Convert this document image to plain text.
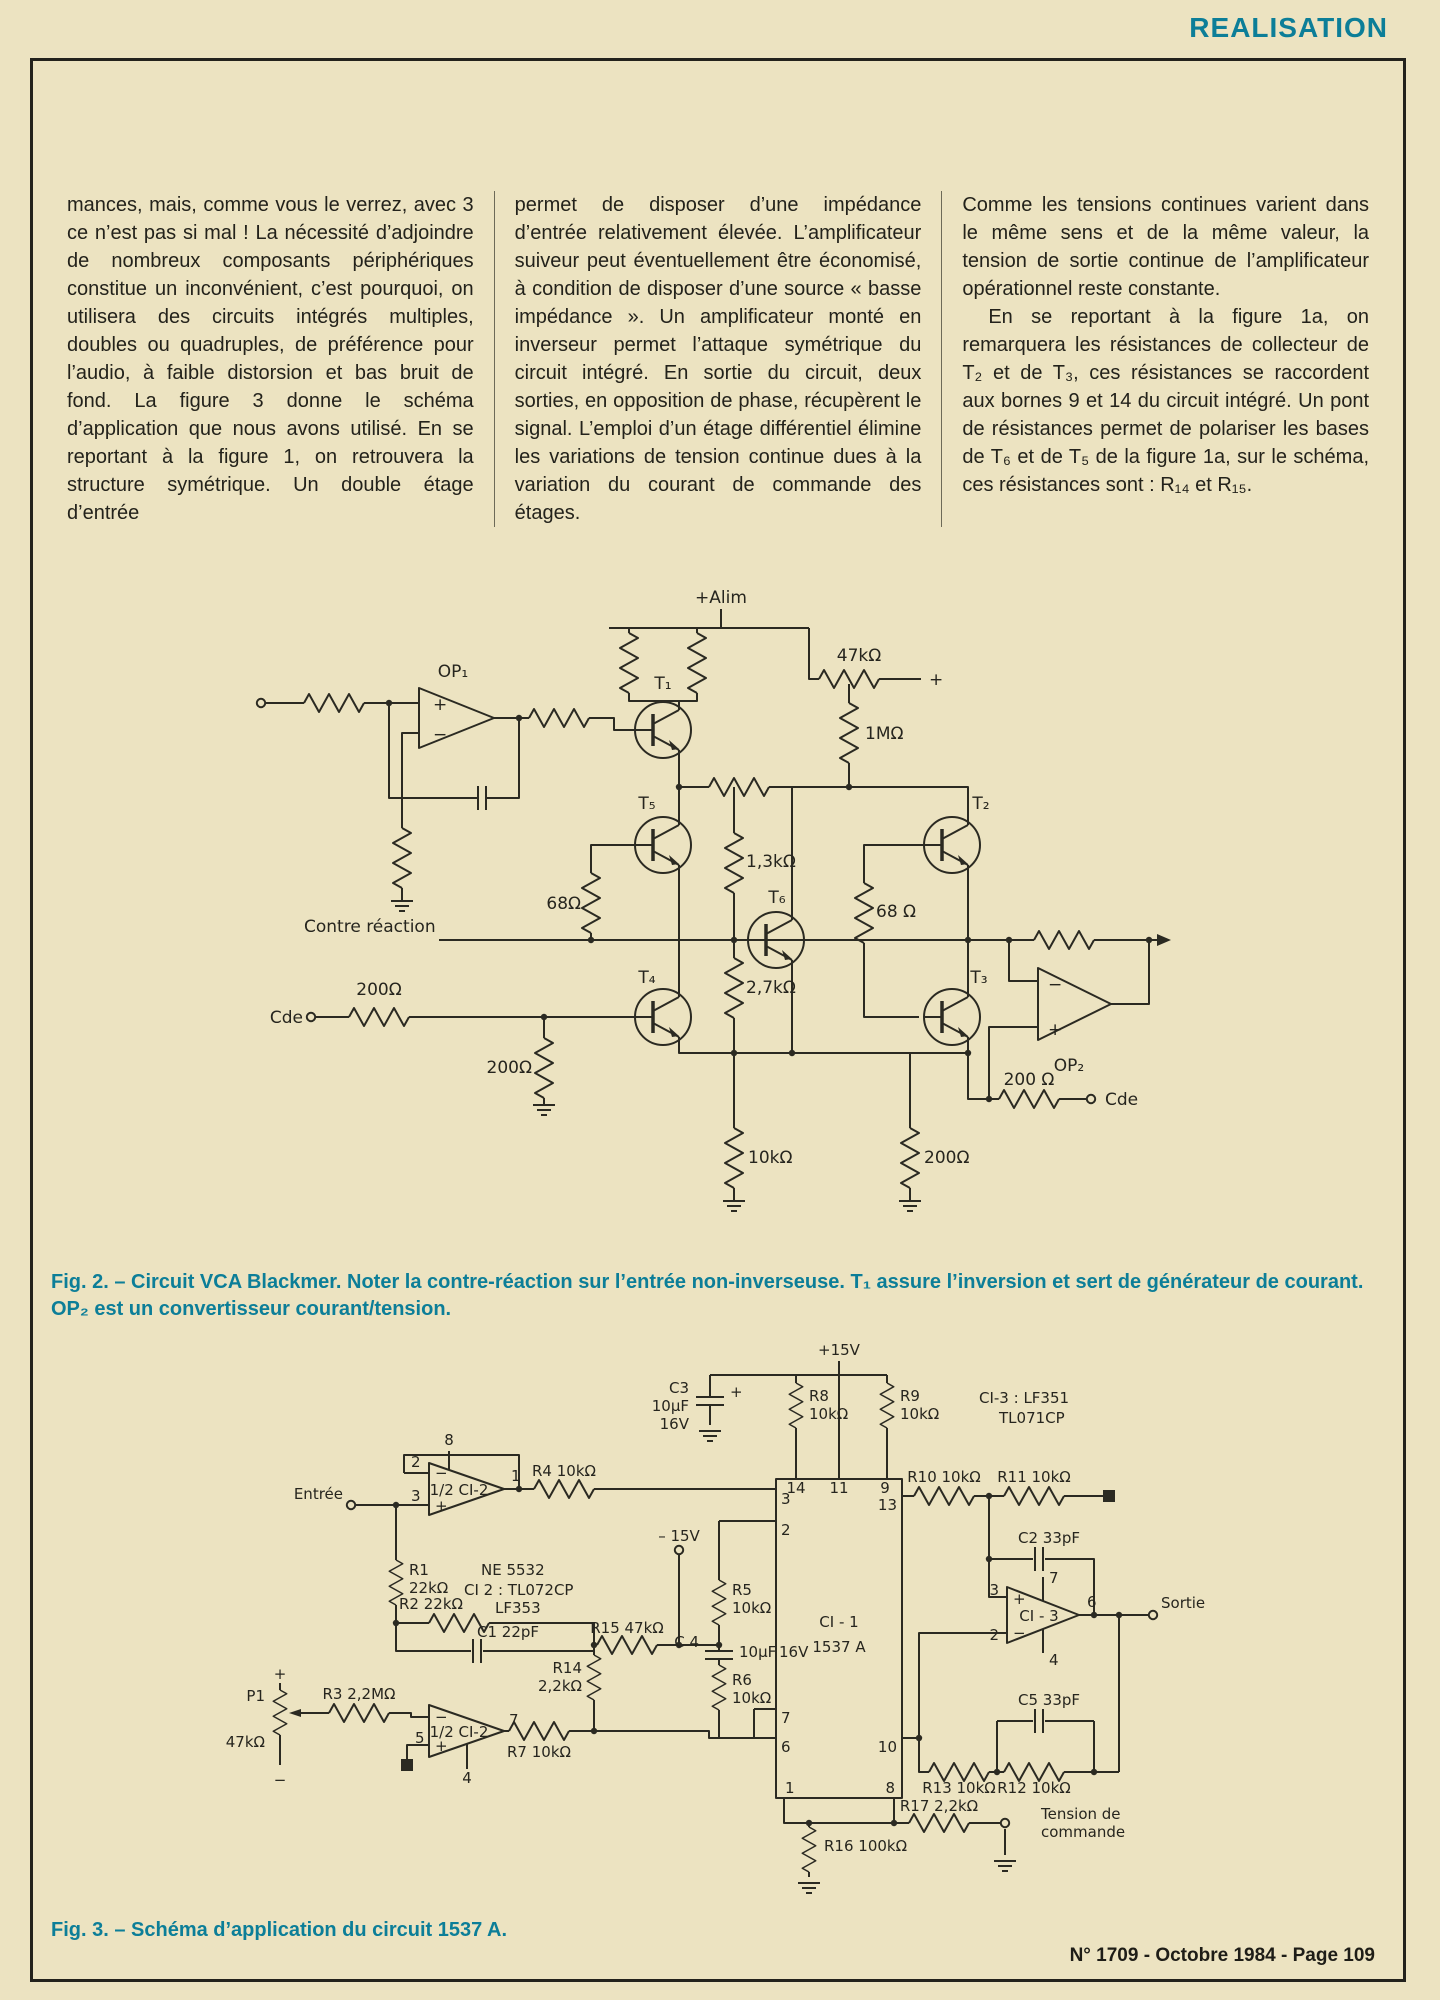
REALISATION

mances, mais, comme vous le verrez, avec 3 ce n’est pas si mal ! La nécessité d’adjoindre de nombreux composants périphériques constitue un inconvénient, c’est pourquoi, on utilisera des circuits intégrés multiples, doubles ou quadruples, de préférence pour l’audio, à faible distorsion et bas bruit de fond. La figure 3 donne le schéma d’application que nous avons utilisé. En se reportant à la figure 1, on retrouvera la structure symétrique. Un double étage d’entrée

permet de disposer d’une impédance d’entrée relativement élevée. L’amplificateur suiveur peut éventuellement être économisé, à condition de disposer d’une source « basse impédance ». Un amplificateur monté en inverseur permet l’attaque symétrique du circuit intégré. En sortie du circuit, deux sorties, en opposition de phase, récupèrent le signal. L’emploi d’un étage différentiel élimine les variations de tension continue dues à la variation du courant de commande des étages.

Comme les tensions continues varient dans le même sens et de la même valeur, la tension de sortie continue de l’amplificateur opérationnel reste constante.

En se reportant à la figure 1a, on remarquera les résistances de collecteur de T₂ et de T₃, ces résistances se raccordent aux bornes 9 et 14 du circuit intégré. Un pont de résistances permet de polariser les bases de T₆ et de T₅ de la figure 1a, sur le schéma, ces résistances sont : R₁₄ et R₁₅.

+Alim
47kΩ
+
1MΩ
OP₁
+
−
T₁
T₅	T₂
T₄	T₃
T₆
68Ω
1,3kΩ
68 Ω
2,7kΩ
Contre réaction
Cde
200Ω
200Ω
10kΩ	200Ω
OP₂
−
+
200 Ω
Cde
Fig. 2. – Circuit VCA Blackmer. Noter la contre-réaction sur l’entrée non-inverseuse. T₁ assure l’inversion et sert de générateur de courant. OP₂ est un convertisseur courant/tension.
+15V
C3
10µF
16V
+	R8
10kΩ
R9
10kΩ
CI-3 : LF351
TL071CP
1/2 CI-2
2
3
1
8
−
+
Entrée
R4 10kΩ
R1
22kΩ
NE 5532
CI 2 : TL072CP
LF353
R2 22kΩ
C1 22pF
– 15V
R5
10kΩ
C 4
10µF 16V
R15 47kΩ
R6
10kΩ
R14
2,2kΩ
+
P1
47kΩ
−
R3 2,2MΩ
1/2 CI-2
−
+
5
7
4
R7 10kΩ
CI - 1
1537 A
14 11 9
3
2
13
7
6	10
1	8
R10 10kΩ R11 10kΩ
C2 33pF
CI - 3
3
2
+
−
7
4
6	Sortie
R13 10kΩ R12 10kΩ
C5 33pF
R16 100kΩ
R17 2,2kΩ	Tension de
commande
Fig. 3. – Schéma d’application du circuit 1537 A.
N° 1709 - Octobre 1984 - Page 109
